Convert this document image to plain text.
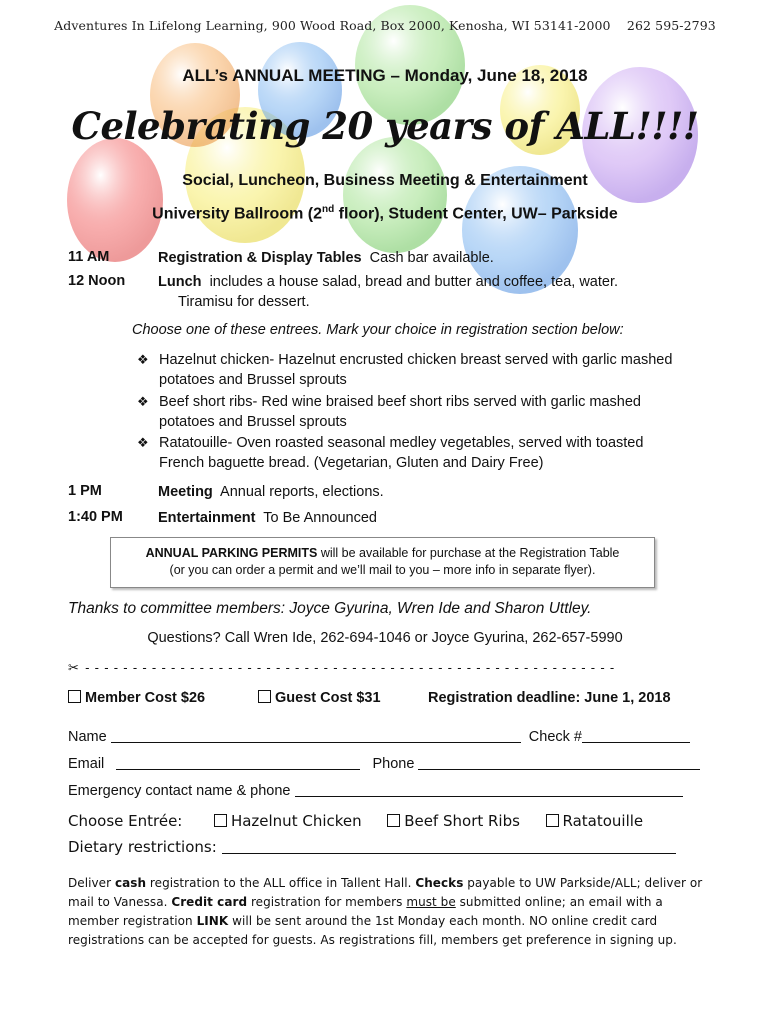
Adventures In Lifelong Learning, 900 Wood Road, Box 2000, Kenosha, WI 53141-2000 262 595-2793
ALL’s ANNUAL MEETING – Monday, June 18, 2018
Celebrating 20 years of ALL!!!!
Social, Luncheon, Business Meeting & Entertainment
University Ballroom (2nd floor), Student Center, UW– Parkside
11 AM	Registration & Display Tables Cash bar available.
12 Noon Lunch includes a house salad, bread and butter and coffee, tea, water.
Tiramisu for dessert.
Choose one of these entrees. Mark your choice in registration section below:
❖ Hazelnut chicken- Hazelnut encrusted chicken breast served with garlic mashed
potatoes and Brussel sprouts
❖ Beef short ribs- Red wine braised beef short ribs served with garlic mashed
potatoes and Brussel sprouts
❖ Ratatouille- Oven roasted seasonal medley vegetables, served with toasted
French baguette bread. (Vegetarian, Gluten and Dairy Free)
1 PM	Meeting Annual reports, elections.
1:40 PM Entertainment To Be Announced
ANNUAL PARKING PERMITS will be available for purchase at the Registration Table
(or you can order a permit and we’ll mail to you – more info in separate flyer).
Thanks to committee members: Joyce Gyurina, Wren Ide and Sharon Uttley.
Questions? Call Wren Ide, 262-694-1046 or Joyce Gyurina, 262-657-5990
✂ - - - - - - - - - - - - - - - - - - - - - - - - - - - - - - - - - - - - - - - - - - - - - - - - - - - - - - - -
Member Cost $26	Guest Cost $31	Registration deadline: June 1, 2018
Name	Check #
Email	Phone
Emergency contact name & phone
Choose Entrée:	Hazelnut Chicken	Beef Short Ribs	Ratatouille
Dietary restrictions:
Deliver cash registration to the ALL office in Tallent Hall. Checks payable to UW Parkside/ALL; deliver or mail to Vanessa. Credit card registration for members must be submitted online; an email with a member registration LINK will be sent around the 1st Monday each month. NO online credit card registrations can be accepted for guests. As registrations fill, members get preference in signing up.
